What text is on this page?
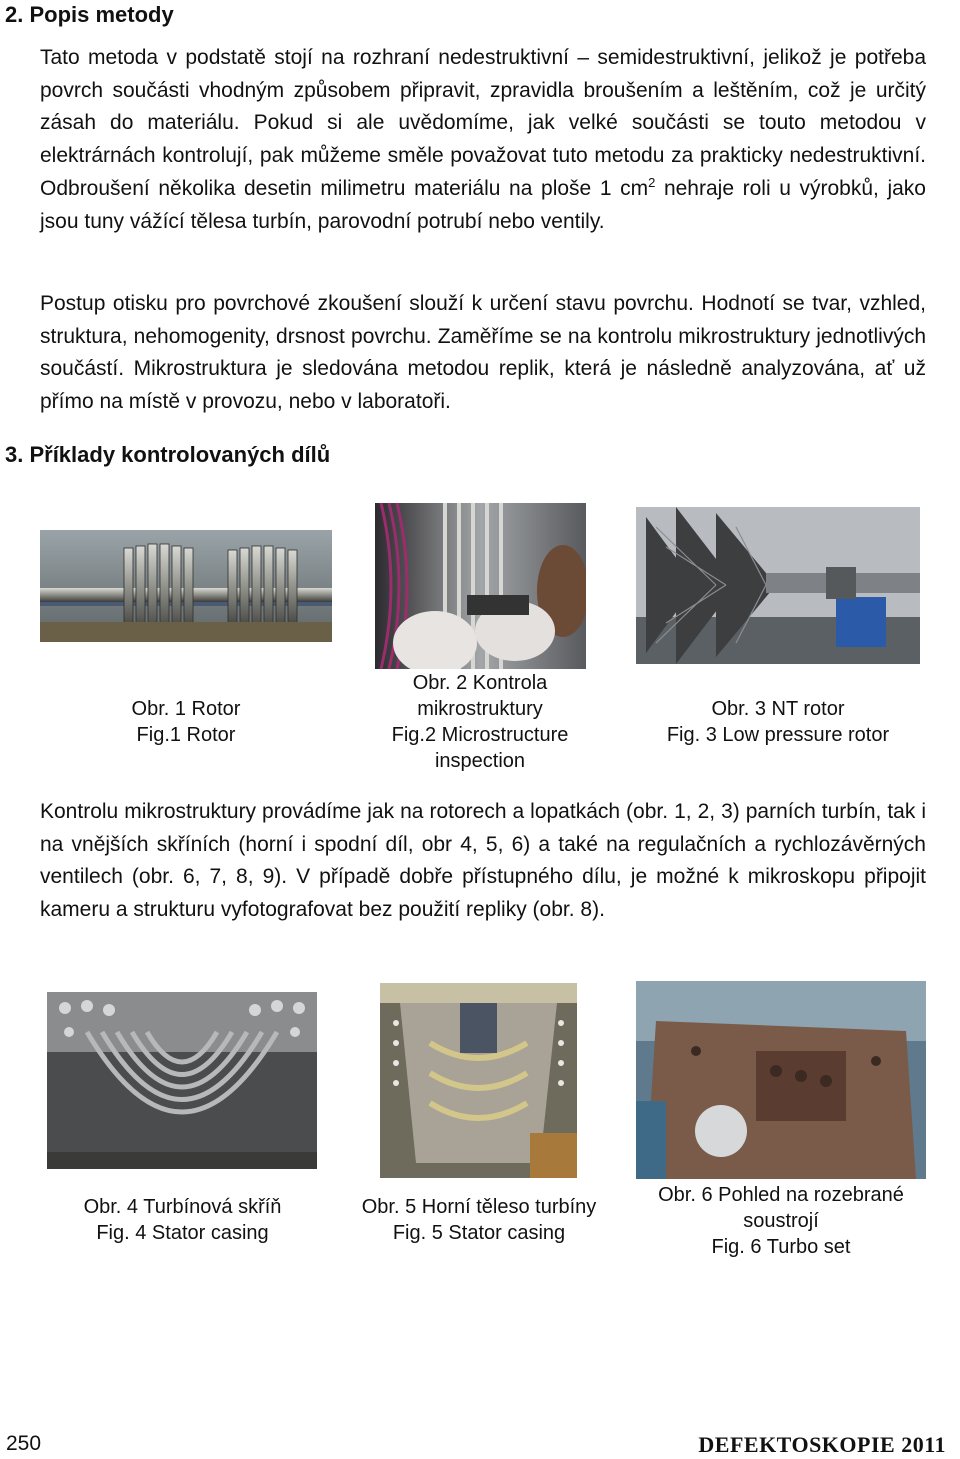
2. Popis metody

Tato metoda v podstatě stojí na rozhraní nedestruktivní – semidestruktivní, jelikož je potřeba povrch součásti vhodným způsobem připravit, zpravidla broušením a leštěním, což je určitý zásah do materiálu. Pokud si ale uvědomíme, jak velké součásti se touto metodou v elektrárnách kontrolují, pak můžeme směle považovat tuto metodu za prakticky nedestruktivní. Odbroušení několika desetin milimetru materiálu na ploše 1 $cm^2$ nehraje roli u výrobků, jako jsou tuny vážící tělesa turbín, parovodní potrubí nebo ventily.

Postup otisku pro povrchové zkoušení slouží k určení stavu povrchu. Hodnotí se tvar, vzhled, struktura, nehomogenity, drsnost povrchu. Zaměříme se na kontrolu mikrostruktury jednotlivých součástí. Mikrostruktura je sledována metodou replik, která je následně analyzována, ať už přímo na místě v provozu, nebo v laboratoři.

3. Příklady kontrolovaných dílů
Obr. 1 Rotor
Fig.1 Rotor
Obr. 2 Kontrola
mikrostruktury
Fig.2 Microstructure
inspection
Obr. 3 NT rotor
Fig. 3 Low pressure rotor

Kontrolu mikrostruktury provádíme jak na rotorech a lopatkách (obr. 1, 2, 3) parních turbín, tak i na vnějších skříních (horní i spodní díl, obr 4, 5, 6) a také na regulačních a rychlozávěrných ventilech (obr. 6, 7, 8, 9). V případě dobře přístupného dílu, je možné k mikroskopu připojit kameru a strukturu vyfotografovat bez použití repliky (obr. 8).

Obr. 4 Turbínová skříň
Fig. 4 Stator casing
Obr. 5 Horní těleso turbíny
Fig. 5 Stator casing
Obr. 6 Pohled na rozebrané
soustrojí
Fig. 6 Turbo set
250	DEFEKTOSKOPIE 2011
